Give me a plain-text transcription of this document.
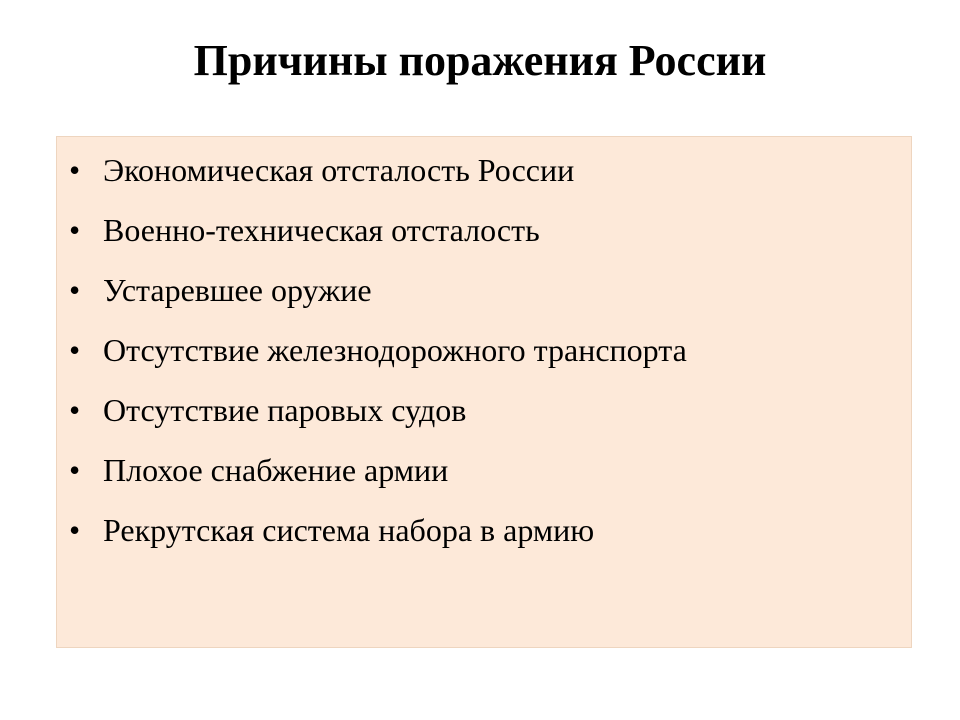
Причины поражения России
• Экономическая отсталость России
• Военно-техническая отсталость
• Устаревшее оружие
• Отсутствие железнодорожного транспорта
• Отсутствие паровых судов
• Плохое снабжение армии
• Рекрутская система набора в армию
